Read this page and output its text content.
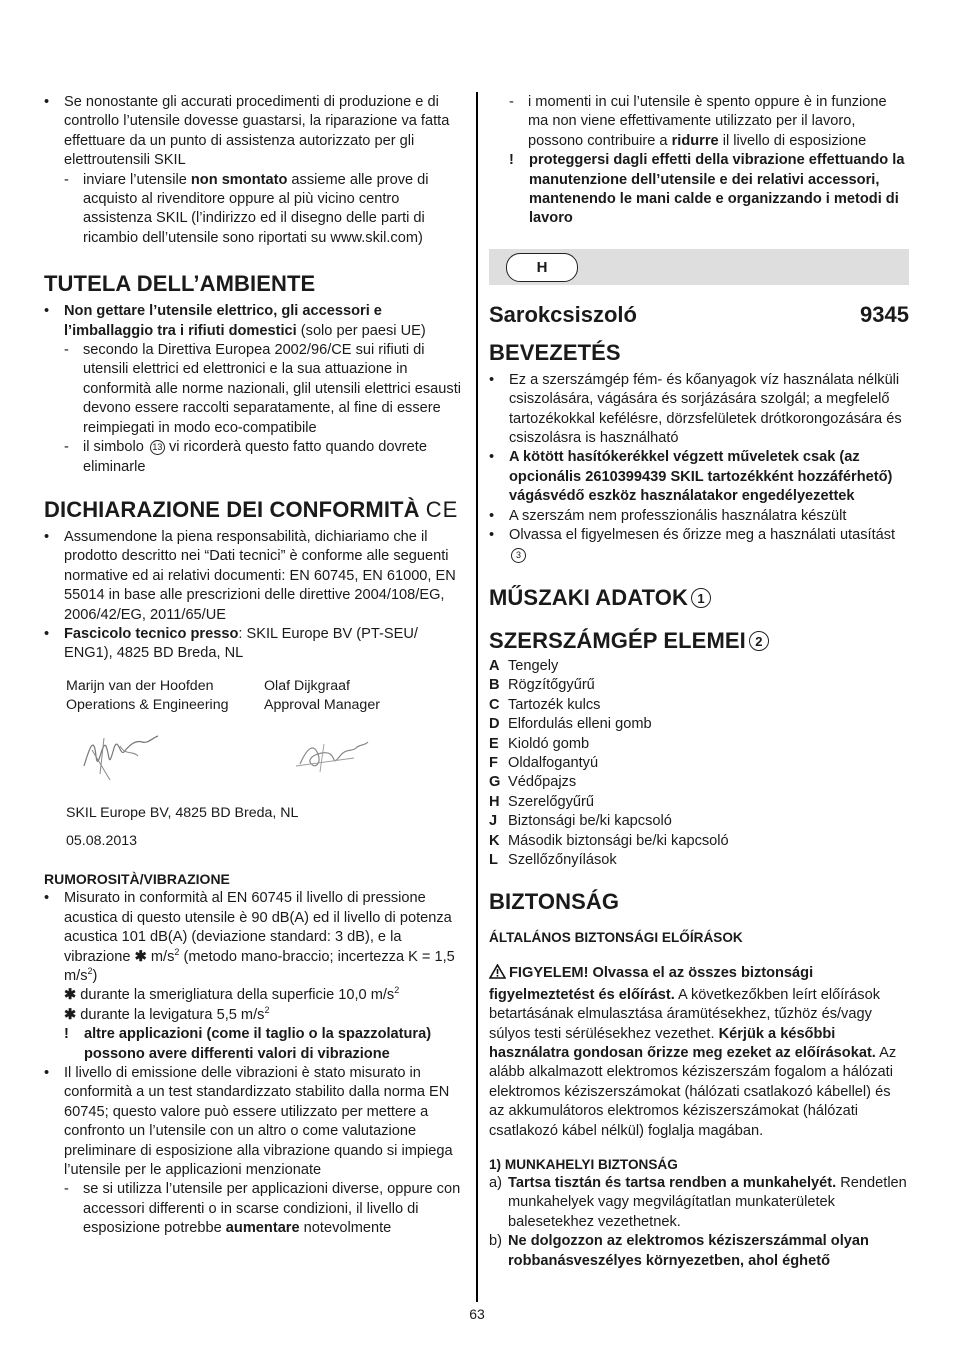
•	Se nonostante gli accurati procedimenti di produzione e di controllo l’utensile dovesse guastarsi, la riparazione va fatta effettuare da un punto di assistenza autorizzato per gli elettroutensili SKIL
- inviare l’utensile non smontato assieme alle prove di acquisto al rivenditore oppure al più vicino centro assistenza SKIL (l’indirizzo ed il disegno delle parti di ricambio dell’utensile sono riportati su www.skil.com)
TUTELA DELL’AMBIENTE
•	Non gettare l’utensile elettrico, gli accessori e l’imballaggio tra i rifiuti domestici (solo per paesi UE)
- secondo la Direttiva Europea 2002/96/CE sui rifiuti di utensili elettrici ed elettronici e la sua attuazione in conformità alle norme nazionali, glil utensili elettrici esausti devono essere raccolti separatamente, al fine di essere reimpiegati in modo eco-compatibile
- il simbolo 13 vi ricorderà questo fatto quando dovrete eliminarle
DICHIARAZIONE DEI CONFORMITÀ CE
•	Assumendone la piena responsabilità, dichiariamo che il prodotto descritto nei “Dati tecnici” è conforme alle seguenti normative ed ai relativi documenti: EN 60745, EN 61000, EN 55014 in base alle prescrizioni delle direttive 2004/108/EG, 2006/42/EG, 2011/65/UE
•	Fascicolo tecnico presso: SKIL Europe BV (PT-SEU/ ENG1), 4825 BD Breda, NL
Marijn van der Hoofden
Operations & Engineering
Olaf Dijkgraaf
Approval Manager
SKIL Europe BV, 4825 BD Breda, NL
05.08.2013
RUMOROSITÀ/VIBRAZIONE
•	Misurato in conformità al EN 60745 il livello di pressione acustica di questo utensile è 90 dB(A) ed il livello di potenza acustica 101 dB(A) (deviazione standard: 3 dB), e la vibrazione ✱ $m/s^2$ (metodo mano-braccio; incertezza K = 1,5 $m/s^2$)
✱ durante la smerigliatura della superficie 10,0 $m/s^2$
✱ durante la levigatura 5,5 $m/s^2$
!	altre applicazioni (come il taglio o la spazzolatura) possono avere differenti valori di vibrazione
•	Il livello di emissione delle vibrazioni è stato misurato in conformità a un test standardizzato stabilito dalla norma EN 60745; questo valore può essere utilizzato per mettere a confronto un l’utensile con un altro o come valutazione preliminare di esposizione alla vibrazione quando si impiega l’utensile per le applicazioni menzionate
- se si utilizza l’utensile per applicazioni diverse, oppure con accessori differenti o in scarse condizioni, il livello di esposizione potrebbe aumentare notevolmente
- i momenti in cui l’utensile è spento oppure è in funzione ma non viene effettivamente utilizzato per il lavoro, possono contribuire a ridurre il livello di esposizione
!	proteggersi dagli effetti della vibrazione effettuando la manutenzione dell’utensile e dei relativi accessori, mantenendo le mani calde e organizzando i metodi di lavoro
H
Sarokcsiszoló	9345
BEVEZETÉS
•	Ez a szerszámgép fém- és kőanyagok víz használata nélküli csiszolására, vágására és sorjázására szolgál; a megfelelő tartozékokkal kefélésre, dörzsfelületek drótkorongozására és csiszolásra is használható
•	A kötött hasítókerékkel végzett műveletek csak (az opcionális 2610399439 SKIL tartozékként hozzáférhető) vágásvédő eszköz használatakor engedélyezettek
•	A szerszám nem professzionális használatra készült
•	Olvassa el figyelmesen és őrizze meg a használati utasítást 3
MŰSZAKI ADATOK 1
SZERSZÁMGÉP ELEMEI 2
A Tengely
B Rögzítőgyűrű
C Tartozék kulcs
D Elfordulás elleni gomb
E Kioldó gomb
F Oldalfogantyú
G Védőpajzs
H Szerelőgyűrű
J Biztonsági be/ki kapcsoló
K Második biztonsági be/ki kapcsoló
L Szellőzőnyílások
BIZTONSÁG
ÁLTALÁNOS BIZTONSÁGI ELŐÍRÁSOK
FIGYELEM! Olvassa el az összes biztonsági figyelmeztetést és előírást. A következőkben leírt előírások betartásának elmulasztása áramütésekhez, tűzhöz és/vagy súlyos testi sérülésekhez vezethet. Kérjük a későbbi használatra gondosan őrizze meg ezeket az előírásokat. Az alább alkalmazott elektromos kéziszerszám fogalom a hálózati elektromos kéziszerszámokat (hálózati csatlakozó kábellel) és az akkumulátoros elektromos kéziszerszámokat (hálózati csatlakozó kábel nélkül) foglalja magában.
1) MUNKAHELYI BIZTONSÁG
a) Tartsa tisztán és tartsa rendben a munkahelyét. Rendetlen munkahelyek vagy megvilágítatlan munkaterületek balesetekhez vezethetnek.
b) Ne dolgozzon az elektromos kéziszerszámmal olyan robbanásveszélyes környezetben, ahol éghető
63
